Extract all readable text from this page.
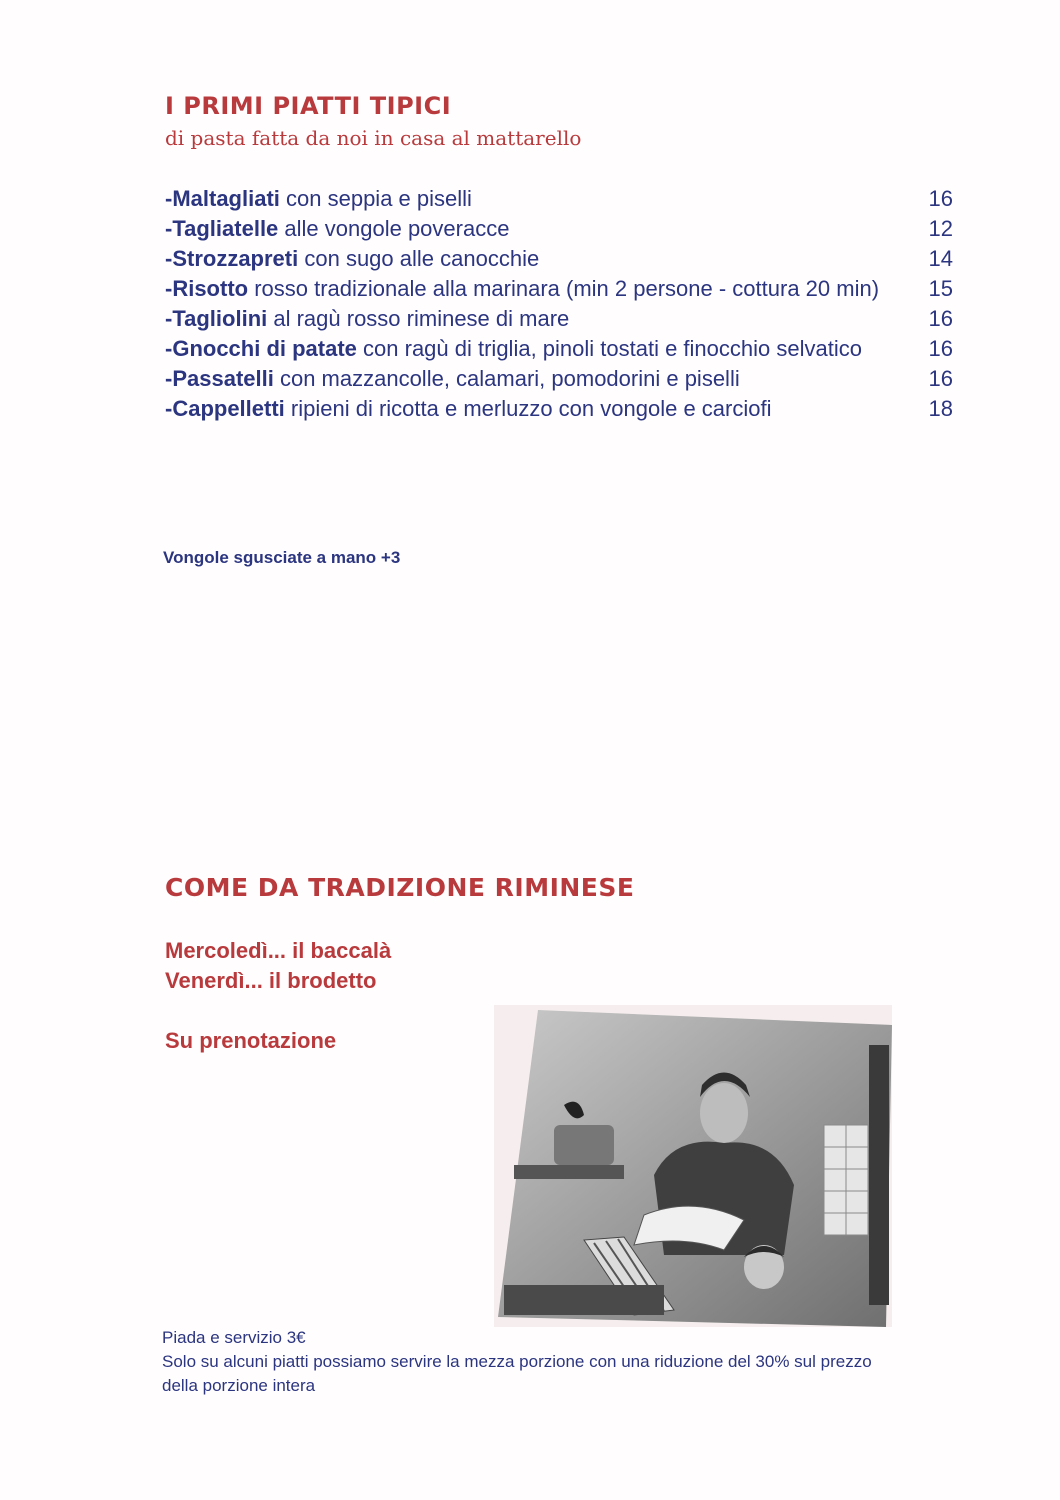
I PRIMI PIATTI TIPICI

di pasta fatta da noi in casa al mattarello

-Maltagliati con seppia e piselli	16
-Tagliatelle alle vongole poveracce	12
-Strozzapreti con sugo alle canocchie	14
-Risotto rosso tradizionale alla marinara (min 2 persone - cottura 20 min)	15
-Tagliolini al ragù rosso riminese di mare	16
-Gnocchi di patate con ragù di triglia, pinoli tostati e finocchio selvatico	16
-Passatelli con mazzancolle, calamari, pomodorini e piselli	16
-Cappelletti ripieni di ricotta e merluzzo con vongole e carciofi	18

Vongole sgusciate a mano +3

COME DA TRADIZIONE RIMINESE

Mercoledì... il baccalà

Venerdì... il brodetto

Su prenotazione

Piada e servizio 3€

Solo su alcuni piatti possiamo servire la mezza porzione con una riduzione del 30% sul prezzo della porzione intera
